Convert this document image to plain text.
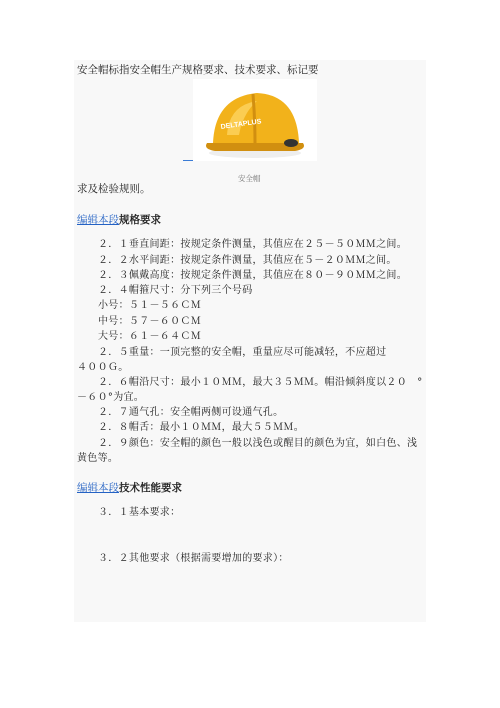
安全帽标指安全帽生产规格要求、技术要求、标记要
DELTAPLUS
安全帽
求及检验规则。
编辑本段规格要求
２．１垂直间距：按规定条件测量，其值应在２５－５０ＭＭ之间。
２．２水平间距：按规定条件测量，其值应在５－２０ＭＭ之间。
２．３佩戴高度：按规定条件测量，其值应在８０－９０ＭＭ之间。
２．４帽箍尺寸：分下列三个号码
小号：５１－５６ＣＭ
中号：５７－６０ＣＭ
大号：６１－６４ＣＭ
２．５重量：一顶完整的安全帽，重量应尽可能减轻，不应超过
４００Ｇ。
２．６帽沿尺寸：最小１０ＭＭ，最大３５ＭＭ。帽沿倾斜度以２０　°
－６０°为宜。
２．７通气孔：安全帽两侧可设通气孔。
２．８帽舌：最小１０ＭＭ，最大５５ＭＭ。
２．９颜色：安全帽的颜色一般以浅色或醒目的颜色为宜，如白色、浅
黄色等。
编辑本段技术性能要求
３．１基本要求：
３．２其他要求（根据需要增加的要求）：
